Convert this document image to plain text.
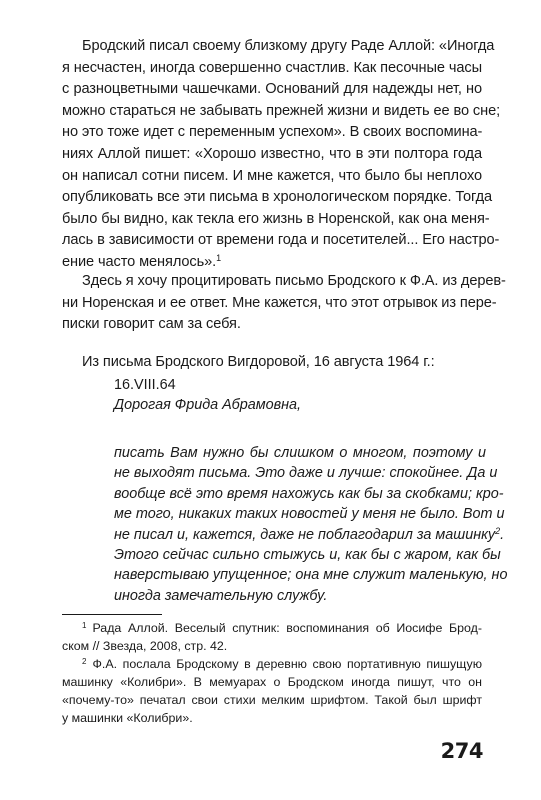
Бродский писал своему близкому другу Раде Аллой: «Иногда
я несчастен, иногда совершенно счастлив. Как песочные часы
с разноцветными чашечками. Оснований для надежды нет, но
можно стараться не забывать прежней жизни и видеть ее во сне;
но это тоже идет с переменным успехом». В своих воспомина-
ниях Аллой пишет: «Хорошо известно, что в эти полтора года
он написал сотни писем. И мне кажется, что было бы неплохо
опубликовать все эти письма в хронологическом порядке. Тогда
было бы видно, как текла его жизнь в Норенской, как она меня-
лась в зависимости от времени года и посетителей... Его настро-
ение часто менялось».$^1$
Здесь я хочу процитировать письмо Бродского к Ф.А. из дерев-
ни Норенская и ее ответ. Мне кажется, что этот отрывок из пере-
писки говорит сам за себя.
Из письма Бродского Вигдоровой, 16 августа 1964 г.:
16.VIII.64
Дорогая Фрида Абрамовна,
писать Вам нужно бы слишком о многом, поэтому и
не выходят письма. Это даже и лучше: спокойнее. Да и
вообще всё это время нахожусь как бы за скобками; кро-
ме того, никаких таких новостей у меня не было. Вот и
не писал и, кажется, даже не поблагодарил за машинку$^2$.
Этого сейчас сильно стыжусь и, как бы с жаром, как бы
наверстываю упущенное; она мне служит маленькую, но
иногда замечательную службу.
$^1$ Рада Аллой. Веселый спутник: воспоминания об Иосифе Брод-
ском // Звезда, 2008, стр. 42.
$^2$ Ф.А. послала Бродскому в деревню свою портативную пишущую
машинку «Колибри». В мемуарах о Бродском иногда пишут, что он
«почему-то» печатал свои стихи мелким шрифтом. Такой был шрифт
у машинки «Колибри».
274
